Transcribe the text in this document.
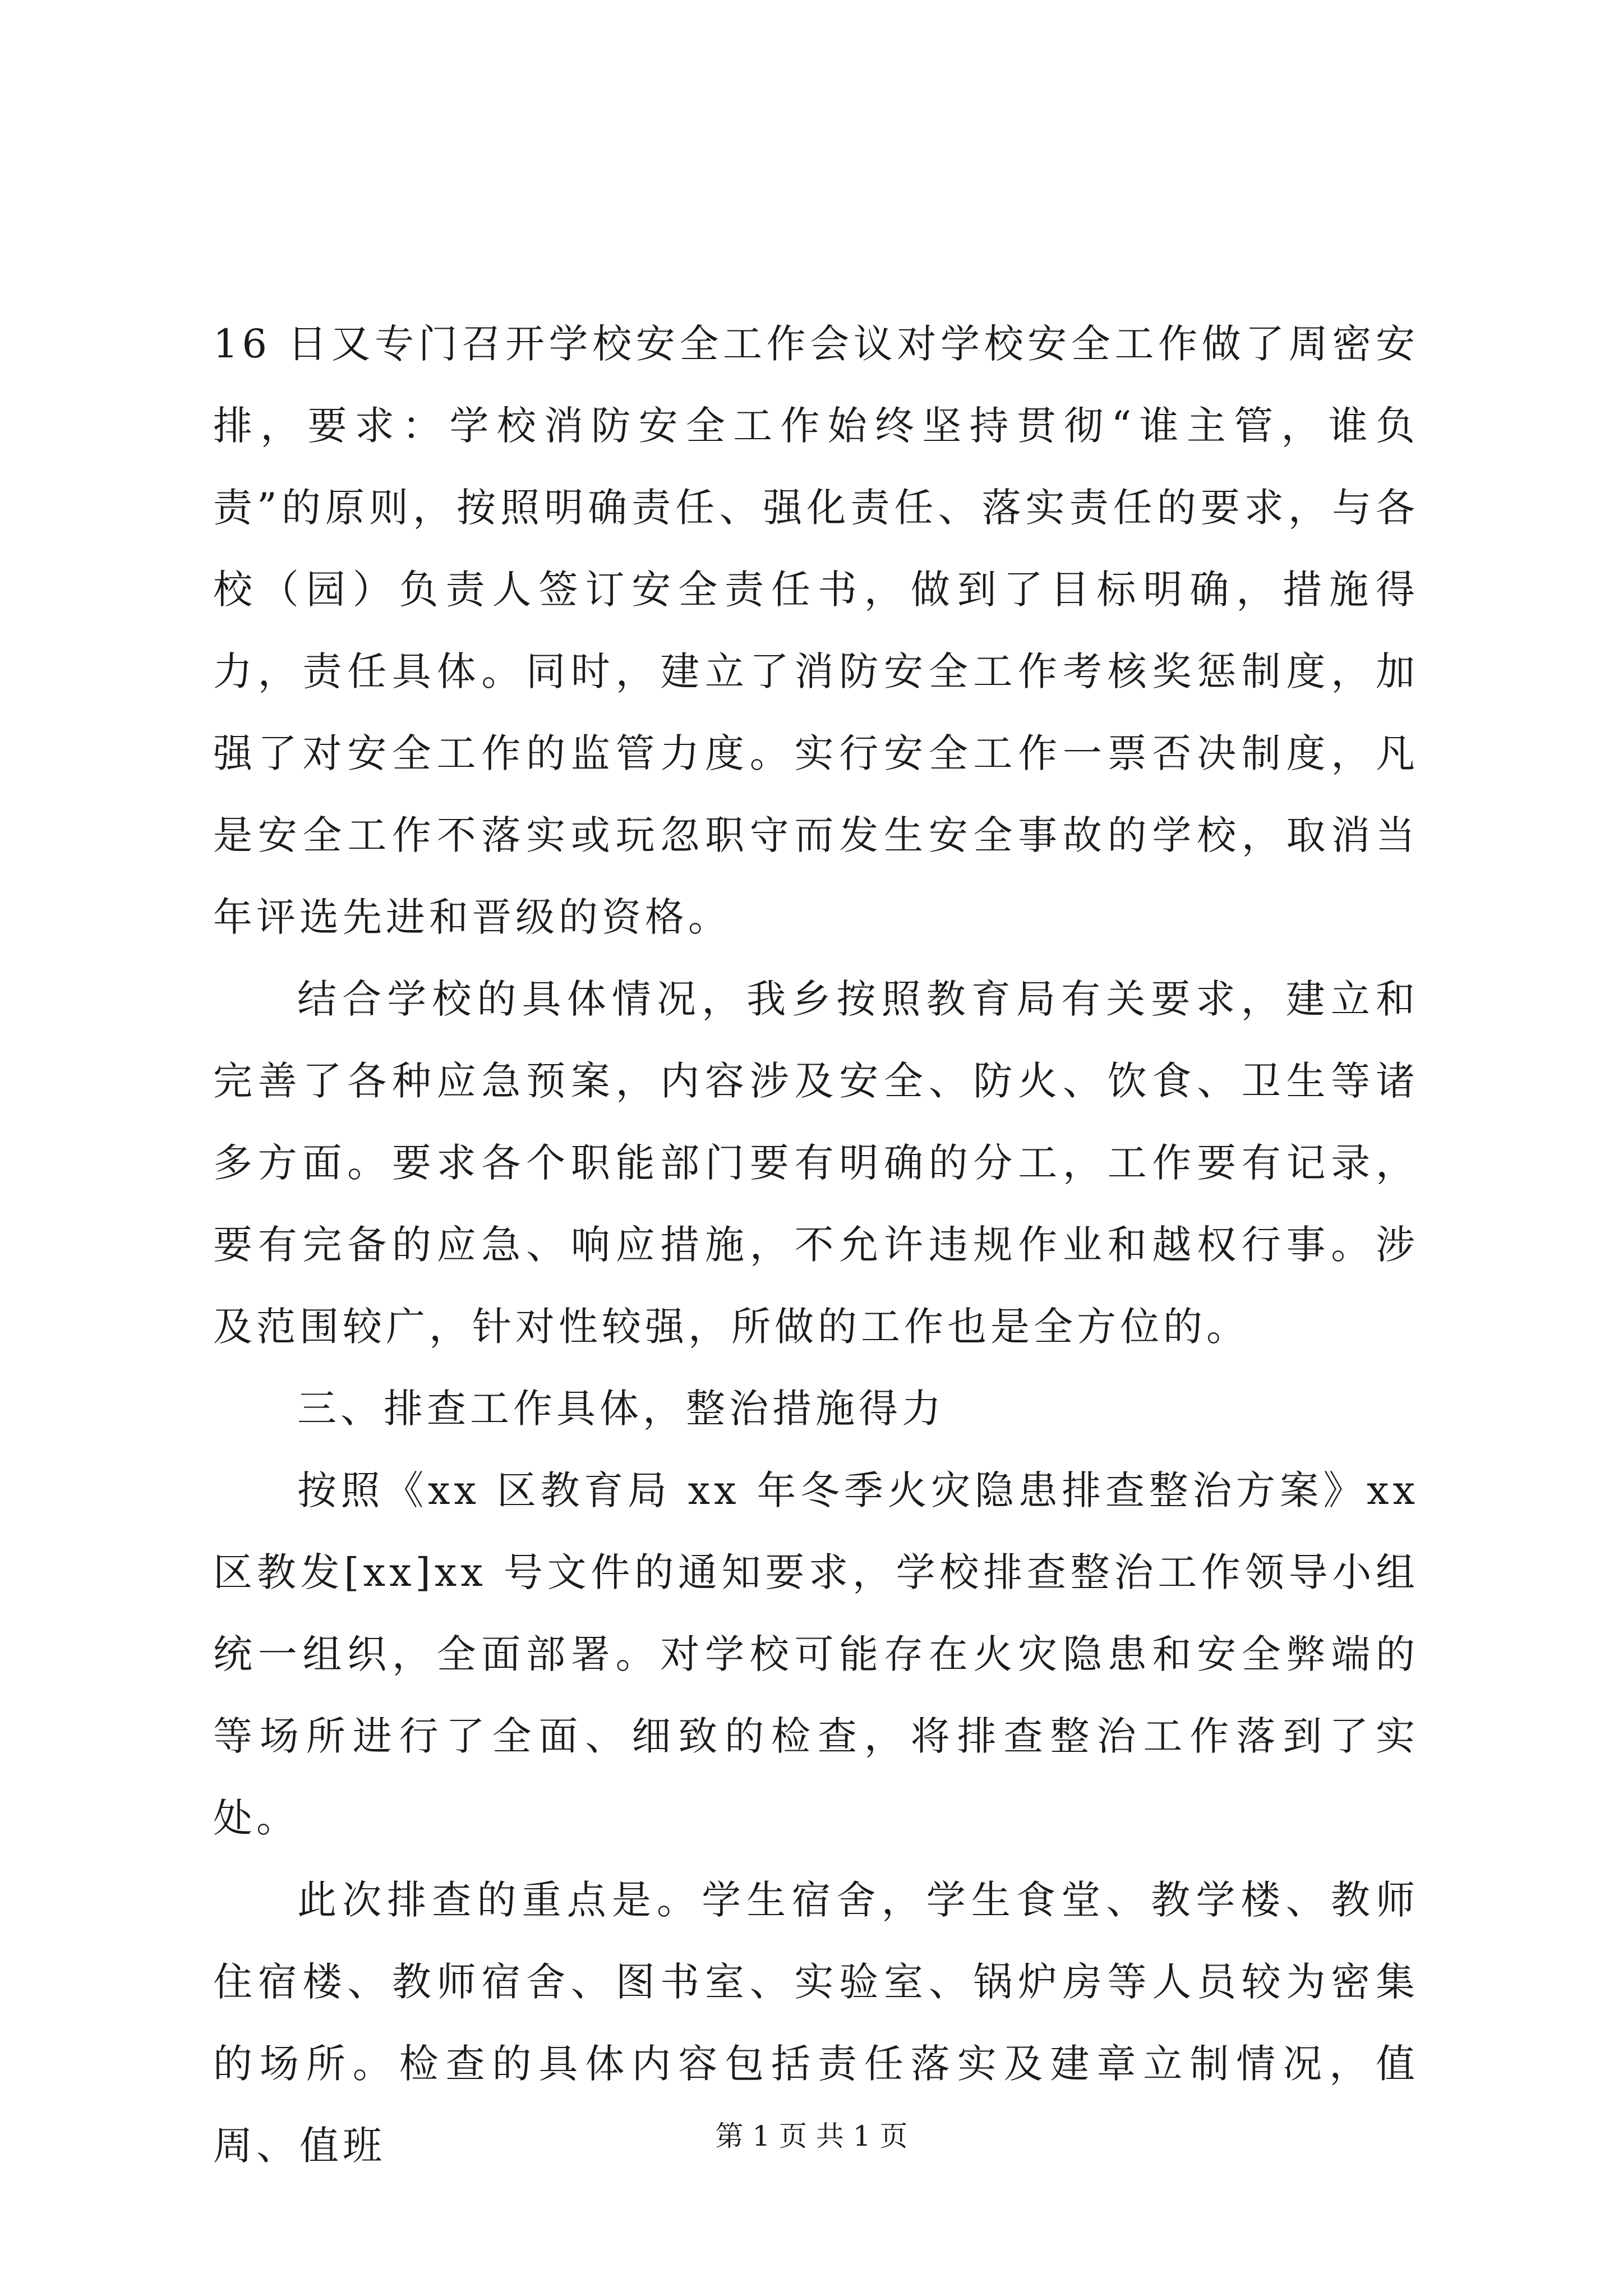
16 日又专门召开学校安全工作会议对学校安全工作做了周密安排，要求：学校消防安全工作始终坚持贯彻“谁主管，谁负责”的原则，按照明确责任、强化责任、落实责任的要求，与各校（园）负责人签订安全责任书，做到了目标明确，措施得力，责任具体。同时，建立了消防安全工作考核奖惩制度，加强了对安全工作的监管力度。实行安全工作一票否决制度，凡是安全工作不落实或玩忽职守而发生安全事故的学校，取消当年评选先进和晋级的资格。

结合学校的具体情况，我乡按照教育局有关要求，建立和完善了各种应急预案，内容涉及安全、防火、饮食、卫生等诸多方面。要求各个职能部门要有明确的分工，工作要有记录，要有完备的应急、响应措施，不允许违规作业和越权行事。涉及范围较广，针对性较强，所做的工作也是全方位的。

三、排查工作具体，整治措施得力

按照《xx 区教育局 xx 年冬季火灾隐患排查整治方案》xx 区教发[xx]xx 号文件的通知要求，学校排查整治工作领导小组统一组织，全面部署。对学校可能存在火灾隐患和安全弊端的等场所进行了全面、细致的检查，将排查整治工作落到了实处。

此次排查的重点是。学生宿舍，学生食堂、教学楼、教师住宿楼、教师宿舍、图书室、实验室、锅炉房等人员较为密集的场所。检查的具体内容包括责任落实及建章立制情况，值周、值班	第 1 页 共 1 页
